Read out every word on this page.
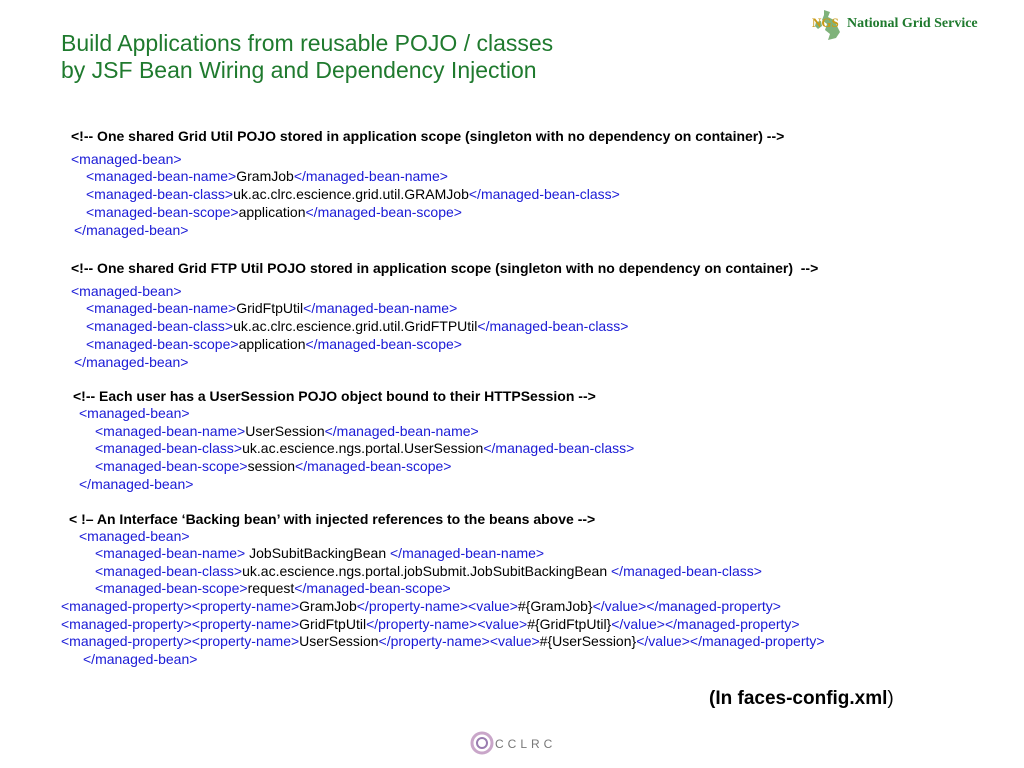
Build Applications from reusable POJO / classes
by JSF Bean Wiring and Dependency Injection
NGS National Grid Service
<!-- One shared Grid Util POJO stored in application scope (singleton with no dependency on container) -->
<managed-bean>
<managed-bean-name>GramJob</managed-bean-name>
<managed-bean-class>uk.ac.clrc.escience.grid.util.GRAMJob</managed-bean-class>
<managed-bean-scope>application</managed-bean-scope>
</managed-bean>
<!-- One shared Grid FTP Util POJO stored in application scope (singleton with no dependency on container)  -->
<managed-bean>
<managed-bean-name>GridFtpUtil</managed-bean-name>
<managed-bean-class>uk.ac.clrc.escience.grid.util.GridFTPUtil</managed-bean-class>
<managed-bean-scope>application</managed-bean-scope>
</managed-bean>
<!-- Each user has a UserSession POJO object bound to their HTTPSession -->
<managed-bean>
<managed-bean-name>UserSession</managed-bean-name>
<managed-bean-class>uk.ac.escience.ngs.portal.UserSession</managed-bean-class>
<managed-bean-scope>session</managed-bean-scope>
</managed-bean>
< !– An Interface ‘Backing bean’ with injected references to the beans above -->
<managed-bean>
<managed-bean-name> JobSubitBackingBean </managed-bean-name>
<managed-bean-class>uk.ac.escience.ngs.portal.jobSubmit.JobSubitBackingBean </managed-bean-class>
<managed-bean-scope>request</managed-bean-scope>
<managed-property><property-name>GramJob</property-name><value>#{GramJob}</value></managed-property>
<managed-property><property-name>GridFtpUtil</property-name><value>#{GridFtpUtil}</value></managed-property>
<managed-property><property-name>UserSession</property-name><value>#{UserSession}</value></managed-property>
</managed-bean>
(In faces-config.xml)
CCLRC
